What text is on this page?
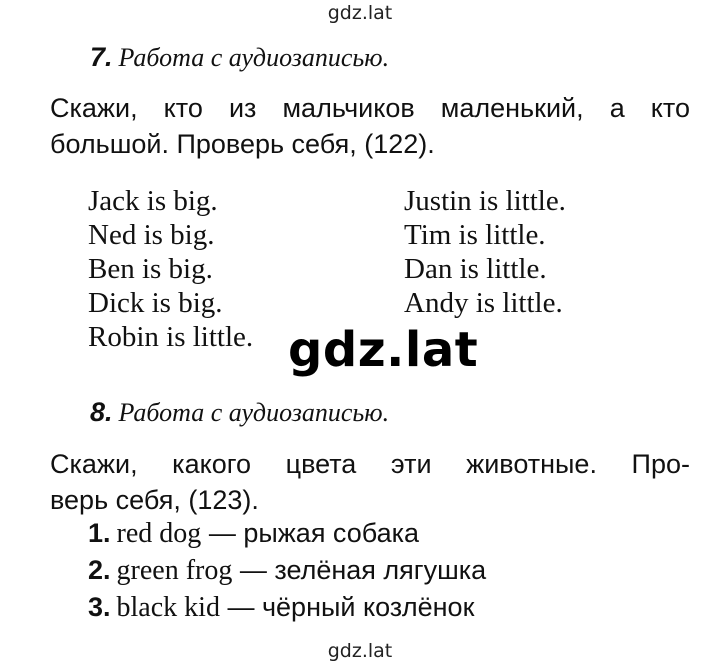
gdz.lat
7. Работа с аудиозаписью.
Скажи, кто из мальчиков маленький, а кто
большой. Проверь себя, (122).
Jack is big.
Ned is big.
Ben is big.
Dick is big.
Robin is little.
Justin is little.
Tim is little.
Dan is little.
Andy is little.
gdz.lat
8. Работа с аудиозаписью.
Скажи, какого цвета эти животные. Про-
верь себя, (123).
1. red dog — рыжая собака
2. green frog — зелёная лягушка
3. black kid — чёрный козлёнок
gdz.lat
